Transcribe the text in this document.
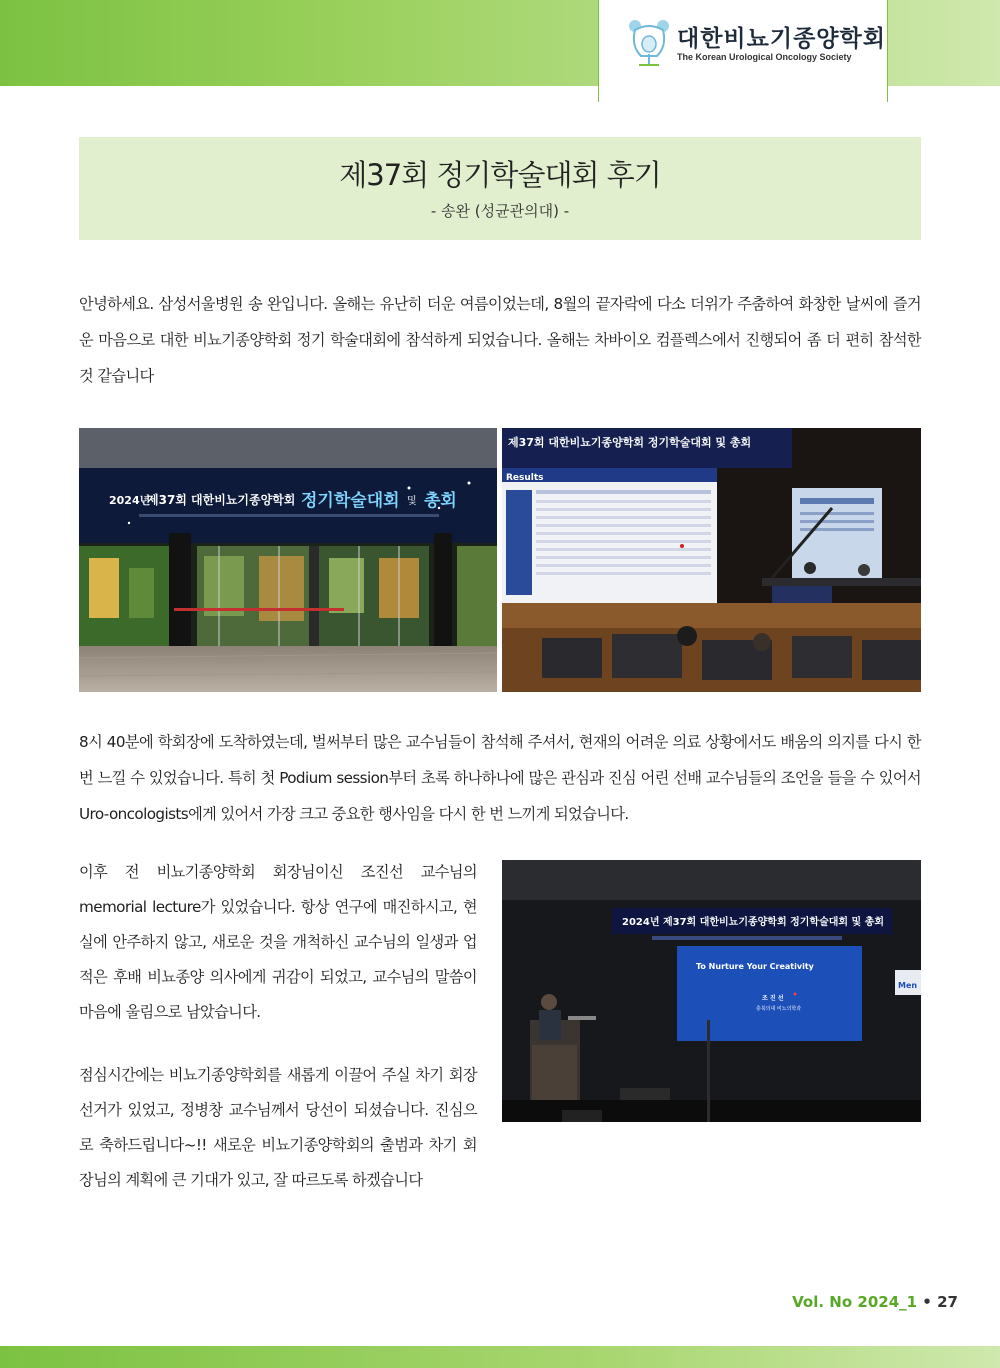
대한비뇨기종양학회
The Korean Urological Oncology Society
제37회 정기학술대회 후기
- 송완 (성균관의대) -

안녕하세요. 삼성서울병원 송 완입니다. 올해는 유난히 더운 여름이었는데, 8월의 끝자락에 다소 더위가 주춤하여 화창한 날씨에 즐거운 마음으로 대한 비뇨기종양학회 정기 학술대회에 참석하게 되었습니다. 올해는 차바이오 컴플렉스에서 진행되어 좀 더 편히 참석한 것 같습니다

2024년
제37회 대한비뇨기종양학회 정기학술대회 및 총회
제37회 대한비뇨기종양학회 정기학술대회 및 총회
Results

8시 40분에 학회장에 도착하였는데, 벌써부터 많은 교수님들이 참석해 주셔서, 현재의 어려운 의료 상황에서도 배움의 의지를 다시 한 번 느낄 수 있었습니다. 특히 첫 Podium session부터 초록 하나하나에 많은 관심과 진심 어린 선배 교수님들의 조언을 들을 수 있어서 Uro-oncologists에게 있어서 가장 크고 중요한 행사임을 다시 한 번 느끼게 되었습니다.

이후 전 비뇨기종양학회 회장님이신 조진선 교수님의 memorial lecture가 있었습니다. 항상 연구에 매진하시고, 현실에 안주하지 않고, 새로운 것을 개척하신 교수님의 일생과 업적은 후배 비뇨종양 의사에게 귀감이 되었고, 교수님의 말씀이 마음에 울림으로 남았습니다.

점심시간에는 비뇨기종양학회를 새롭게 이끌어 주실 차기 회장 선거가 있었고, 정병창 교수님께서 당선이 되셨습니다. 진심으로 축하드립니다~!! 새로운 비뇨기종양학회의 출범과 차기 회장님의 계획에 큰 기대가 있고, 잘 따르도록 하겠습니다

2024년 제37회 대한비뇨기종양학회 정기학술대회 및 총회
To Nurture Your Creativity
조 진 선
충북의대 비뇨의학과
Men
Vol. No 2024_1 • 27
